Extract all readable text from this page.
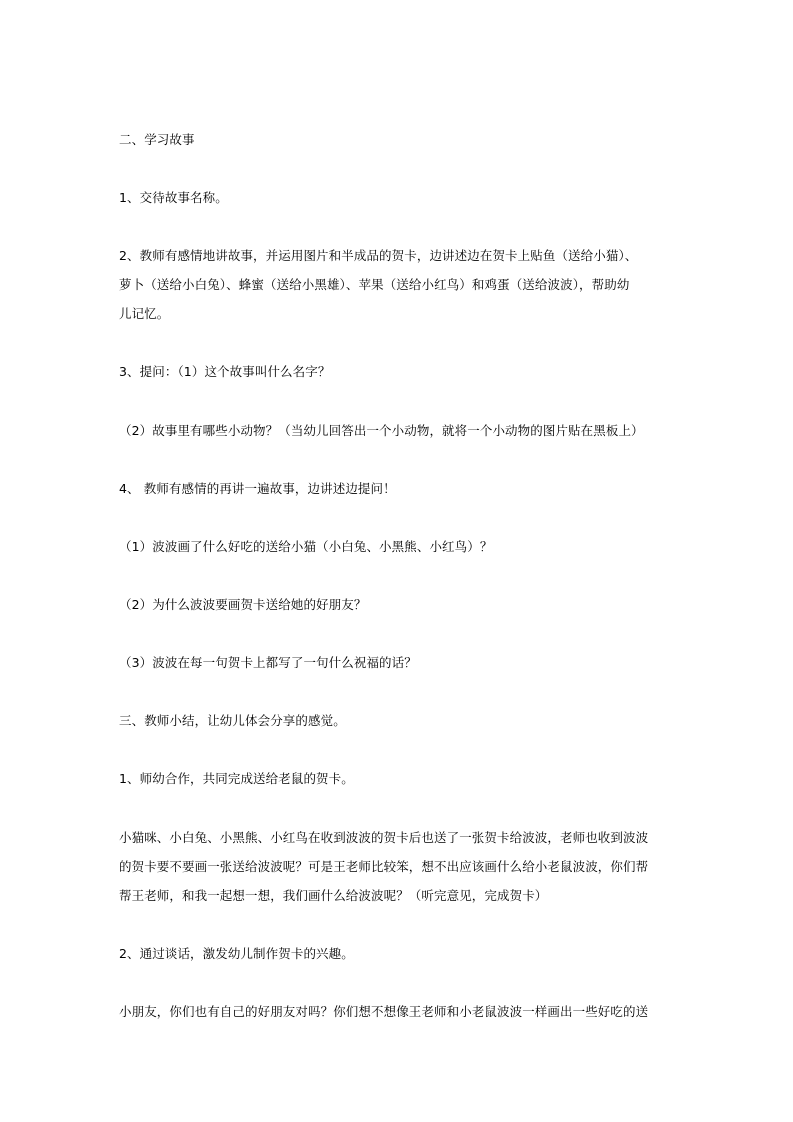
二、学习故事
1、交待故事名称。
2、教师有感情地讲故事，并运用图片和半成品的贺卡，边讲述边在贺卡上贴鱼（送给小猫）、
萝卜（送给小白兔）、蜂蜜（送给小黑雄）、苹果（送给小红鸟）和鸡蛋（送给波波），帮助幼
儿记忆。
3、提问：（1）这个故事叫什么名字？
（2）故事里有哪些小动物？（当幼儿回答出一个小动物，就将一个小动物的图片贴在黑板上）
4、 教师有感情的再讲一遍故事，边讲述边提问！
（1）波波画了什么好吃的送给小猫（小白兔、小黑熊、小红鸟）？
（2）为什么波波要画贺卡送给她的好朋友？
（3）波波在每一句贺卡上都写了一句什么祝福的话？
三、教师小结，让幼儿体会分享的感觉。
1、师幼合作，共同完成送给老鼠的贺卡。
小猫咪、小白兔、小黑熊、小红鸟在收到波波的贺卡后也送了一张贺卡给波波，老师也收到波波
的贺卡要不要画一张送给波波呢？可是王老师比较笨，想不出应该画什么给小老鼠波波，你们帮
帮王老师，和我一起想一想，我们画什么给波波呢？（听完意见，完成贺卡）
2、通过谈话，激发幼儿制作贺卡的兴趣。
小朋友，你们也有自己的好朋友对吗？你们想不想像王老师和小老鼠波波一样画出一些好吃的送
